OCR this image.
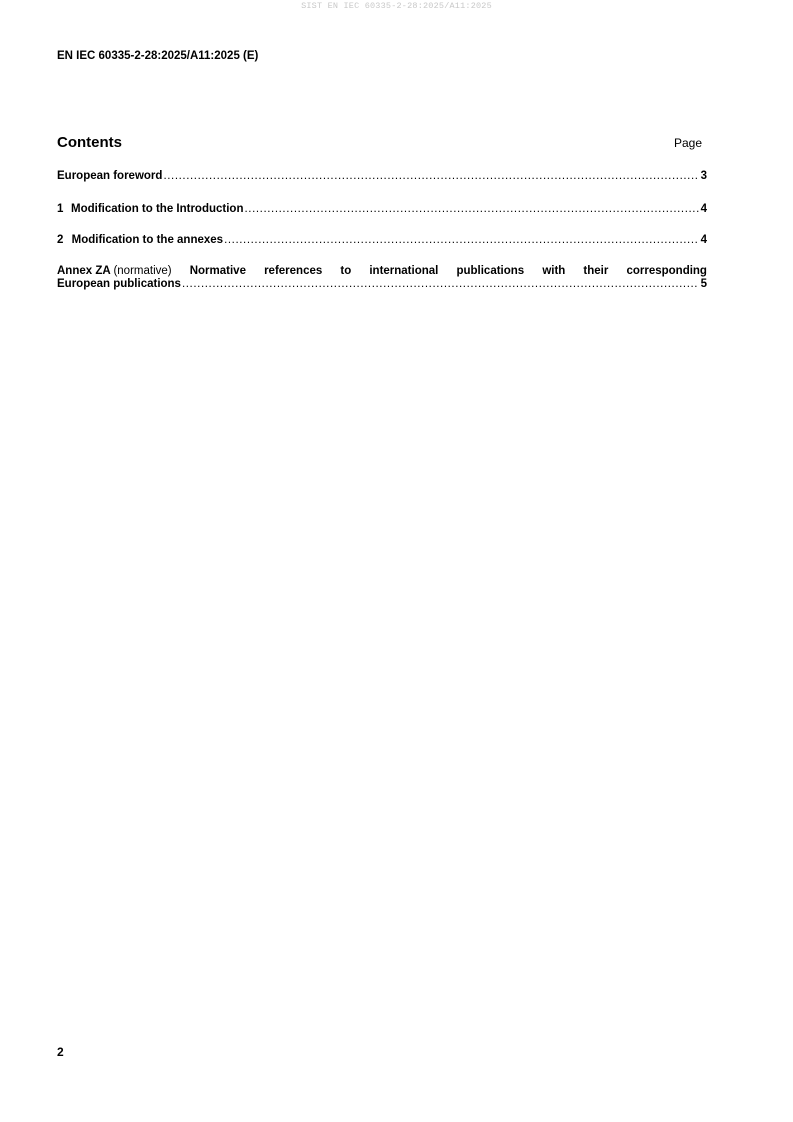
SIST EN IEC 60335-2-28:2025/A11:2025
EN IEC 60335-2-28:2025/A11:2025 (E)
Contents	Page
European foreword .....	3
1 Modification to the Introduction .....	4
2 Modification to the annexes .....	4
Annex ZA (normative) Normative references to international publications with their corresponding
European publications .....	5
2
